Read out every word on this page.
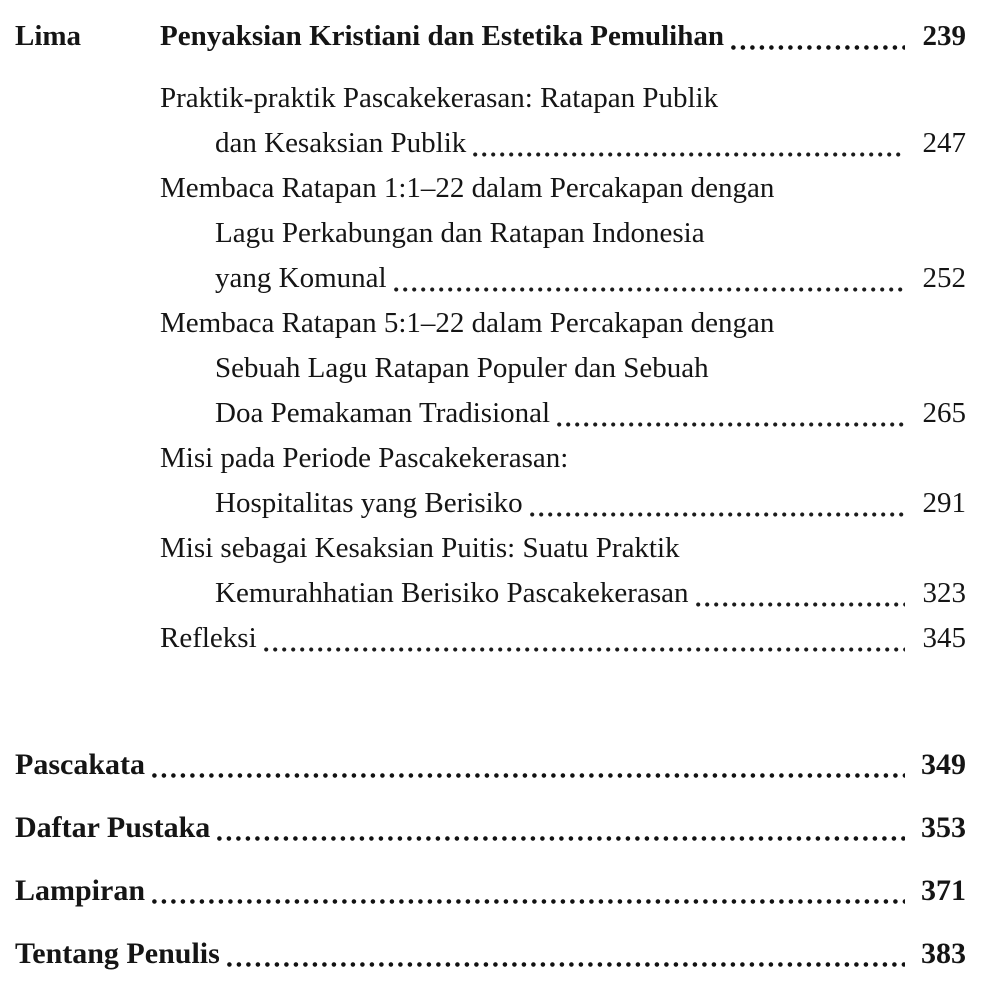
Lima	Penyaksian Kristiani dan Estetika Pemulihan	239
Praktik-praktik Pascakekerasan: Ratapan Publik
dan Kesaksian Publik	247
Membaca Ratapan 1:1–22 dalam Percakapan dengan
Lagu Perkabungan dan Ratapan Indonesia
yang Komunal	252
Membaca Ratapan 5:1–22 dalam Percakapan dengan
Sebuah Lagu Ratapan Populer dan Sebuah
Doa Pemakaman Tradisional	265
Misi pada Periode Pascakekerasan:
Hospitalitas yang Berisiko	291
Misi sebagai Kesaksian Puitis: Suatu Praktik
Kemurahhatian Berisiko Pascakekerasan	323
Refleksi	345
Pascakata	349
Daftar Pustaka	353
Lampiran	371
Tentang Penulis	383
